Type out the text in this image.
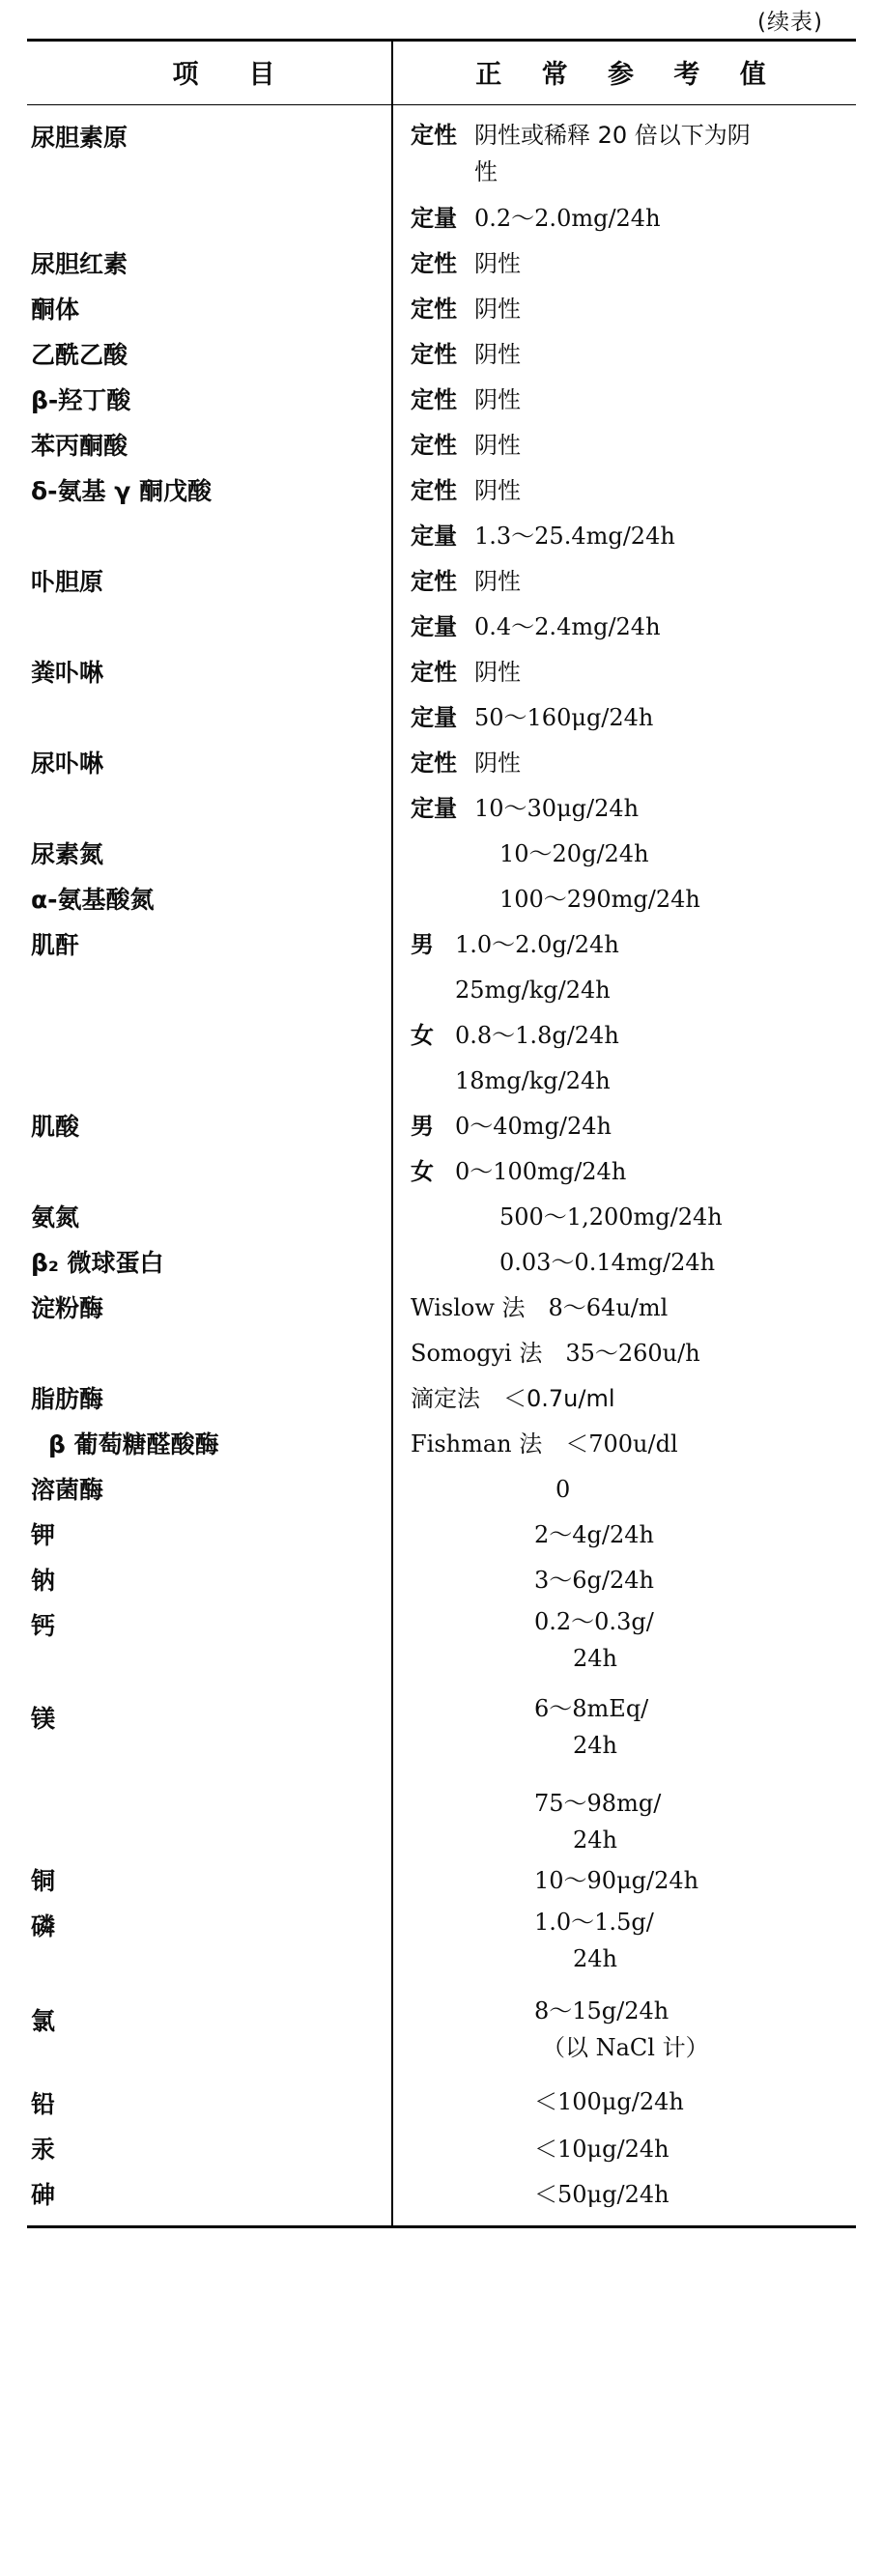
(续表)
项目	正 常 参 考 值

尿胆素原	定性 阴性或稀释 20 倍以下为阴性
定量 0.2～2.0mg/24h

尿胆红素	定性 阴性

酮体	定性 阴性

乙酰乙酸	定性 阴性

β-羟丁酸	定性 阴性

苯丙酮酸	定性 阴性

δ-氨基 γ 酮戊酸	定性 阴性
定量 1.3～25.4mg/24h

卟胆原	定性 阴性
定量 0.4～2.4mg/24h

粪卟啉	定性 阴性
定量 50～160μg/24h

尿卟啉	定性 阴性
定量 10～30μg/24h

尿素氮	10～20g/24h

α-氨基酸氮	100～290mg/24h

肌酐	男 1.0～2.0g/24h
25mg/kg/24h
女 0.8～1.8g/24h
18mg/kg/24h

肌酸	男 0～40mg/24h
女 0～100mg/24h

氨氮	500～1,200mg/24h

β₂ 微球蛋白	0.03～0.14mg/24h

淀粉酶	Wislow 法　8～64u/ml
Somogyi 法　35～260u/h

脂肪酶	滴定法　＜0.7u/ml

β 葡萄糖醛酸酶	Fishman 法　＜700u/dl

溶菌酶	0

钾	2～4g/24h

钠	3～6g/24h

钙	0.2～0.3g/
24h

镁	6～8mEq/
24h
75～98mg/
24h

铜	10～90μg/24h

磷	1.0～1.5g/
24h

氯	8～15g/24h
（以 NaCl 计）

铅	＜100μg/24h

汞	＜10μg/24h

砷	＜50μg/24h
